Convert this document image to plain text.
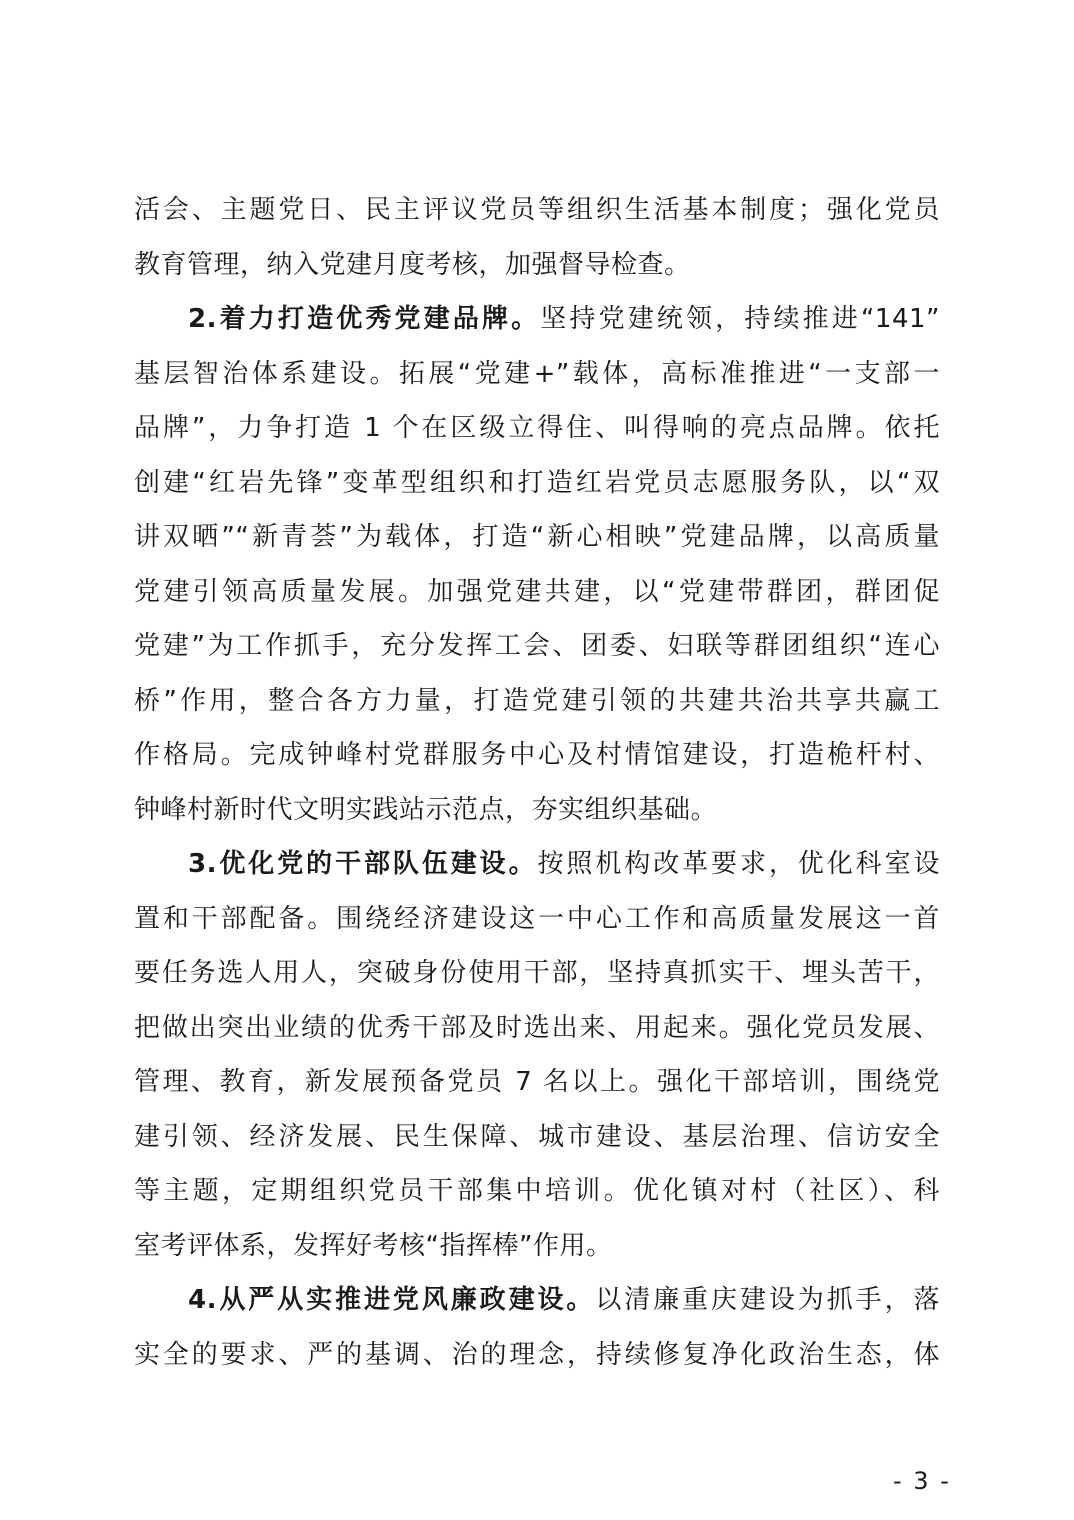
活会、主题党日、民主评议党员等组织生活基本制度；强化党员
教育管理，纳入党建月度考核，加强督导检查。
2.着力打造优秀党建品牌。坚持党建统领，持续推进“141”
基层智治体系建设。拓展“党建+”载体，高标准推进“一支部一
品牌”，力争打造 1 个在区级立得住、叫得响的亮点品牌。依托
创建“红岩先锋”变革型组织和打造红岩党员志愿服务队，以“双
讲双晒”“新青荟”为载体，打造“新心相映”党建品牌，以高质量
党建引领高质量发展。加强党建共建，以“党建带群团，群团促
党建”为工作抓手，充分发挥工会、团委、妇联等群团组织“连心
桥”作用，整合各方力量，打造党建引领的共建共治共享共赢工
作格局。完成钟峰村党群服务中心及村情馆建设，打造桅杆村、
钟峰村新时代文明实践站示范点，夯实组织基础。
3.优化党的干部队伍建设。按照机构改革要求，优化科室设
置和干部配备。围绕经济建设这一中心工作和高质量发展这一首
要任务选人用人，突破身份使用干部，坚持真抓实干、埋头苦干，
把做出突出业绩的优秀干部及时选出来、用起来。强化党员发展、
管理、教育，新发展预备党员 7 名以上。强化干部培训，围绕党
建引领、经济发展、民生保障、城市建设、基层治理、信访安全
等主题，定期组织党员干部集中培训。优化镇对村（社区）、科
室考评体系，发挥好考核“指挥棒”作用。
4.从严从实推进党风廉政建设。以清廉重庆建设为抓手，落
实全的要求、严的基调、治的理念，持续修复净化政治生态，体
- 3 -
